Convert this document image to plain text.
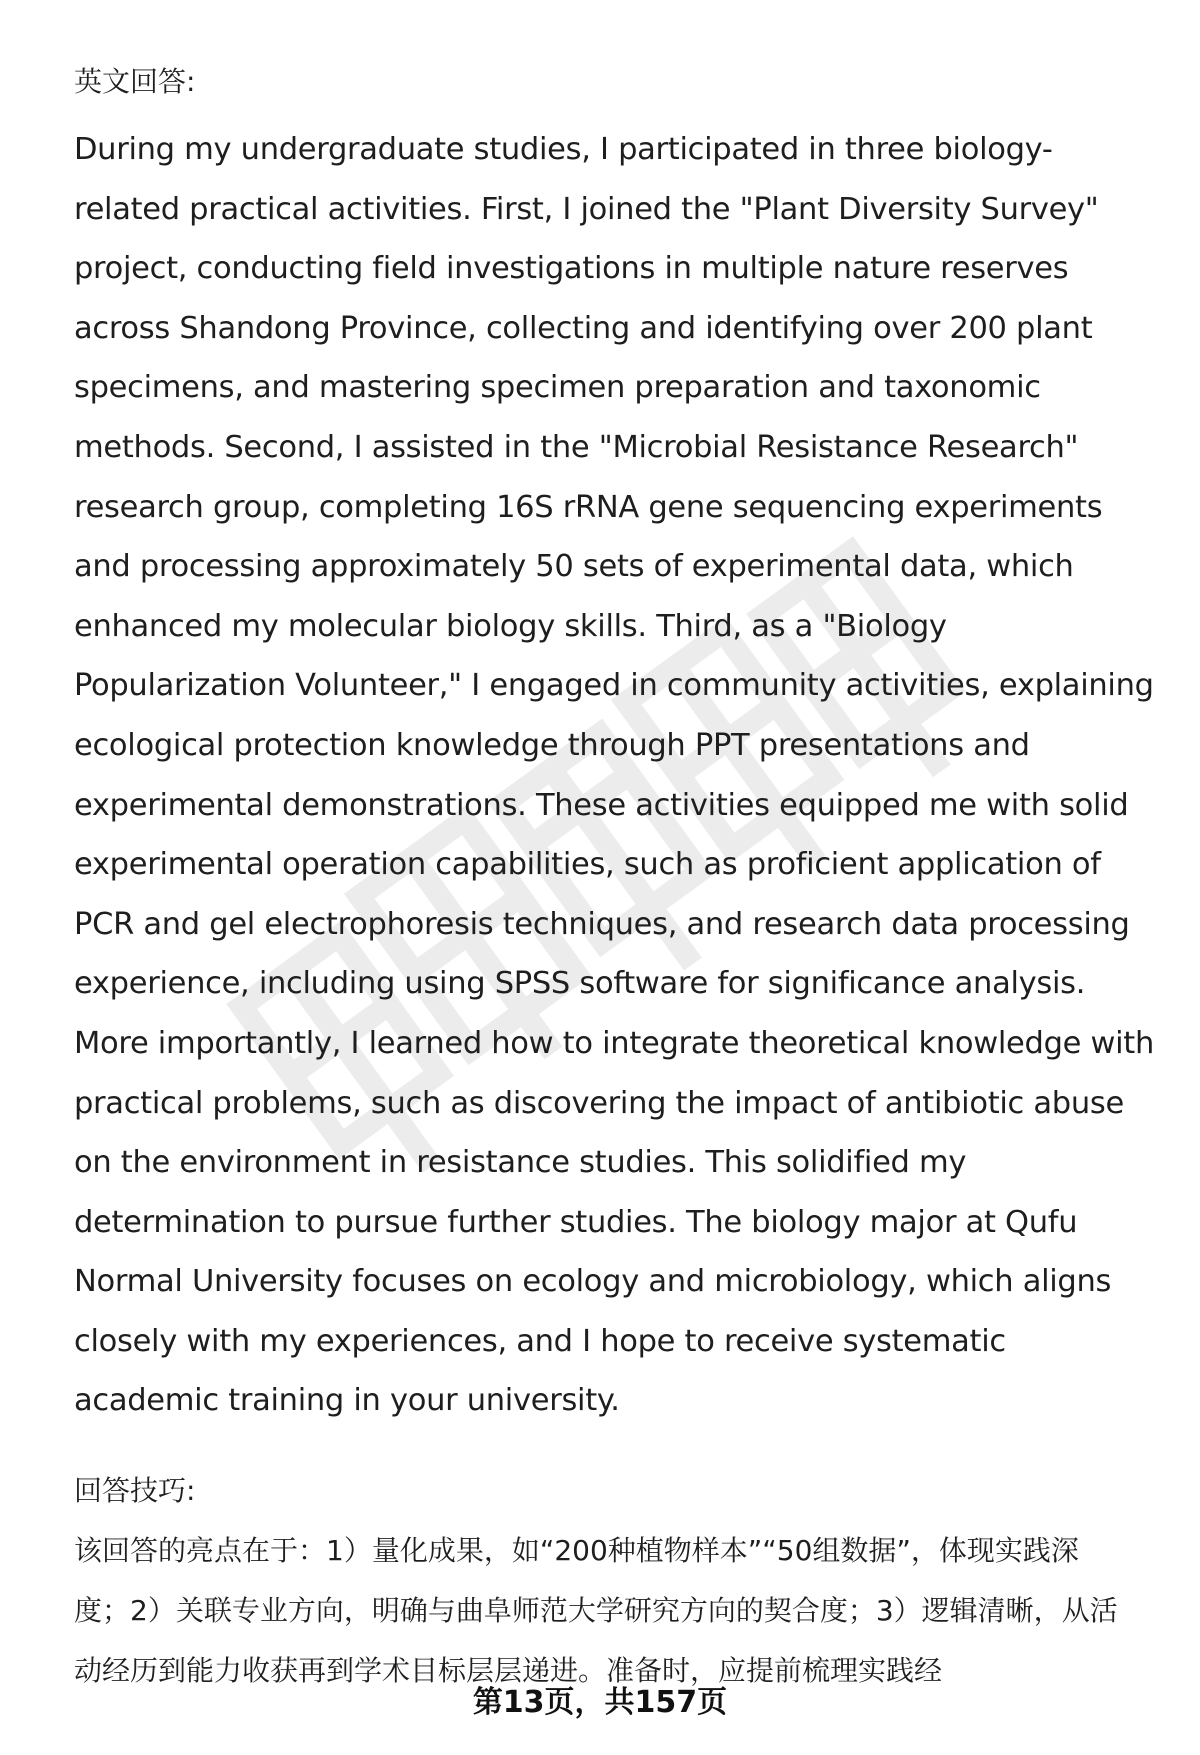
英文回答:

During my undergraduate studies, I participated in three biology-related practical activities. First, I joined the "Plant Diversity Survey" project, conducting field investigations in multiple nature reserves across Shandong Province, collecting and identifying over 200 plant specimens, and mastering specimen preparation and taxonomic methods. Second, I assisted in the "Microbial Resistance Research" research group, completing 16S rRNA gene sequencing experiments and processing approximately 50 sets of experimental data, which enhanced my molecular biology skills. Third, as a "Biology Popularization Volunteer," I engaged in community activities, explaining ecological protection knowledge through PPT presentations and experimental demonstrations. These activities equipped me with solid experimental operation capabilities, such as proficient application of PCR and gel electrophoresis techniques, and research data processing experience, including using SPSS software for significance analysis. More importantly, I learned how to integrate theoretical knowledge with practical problems, such as discovering the impact of antibiotic abuse on the environment in resistance studies. This solidified my determination to pursue further studies. The biology major at Qufu Normal University focuses on ecology and microbiology, which aligns closely with my experiences, and I hope to receive systematic academic training in your university.

回答技巧:

该回答的亮点在于：1）量化成果，如“200种植物样本”“50组数据”，体现实践深度；2）关联专业方向，明确与曲阜师范大学研究方向的契合度；3）逻辑清晰，从活动经历到能力收获再到学术目标层层递进。准备时，应提前梳理实践经

第13页，共157页
